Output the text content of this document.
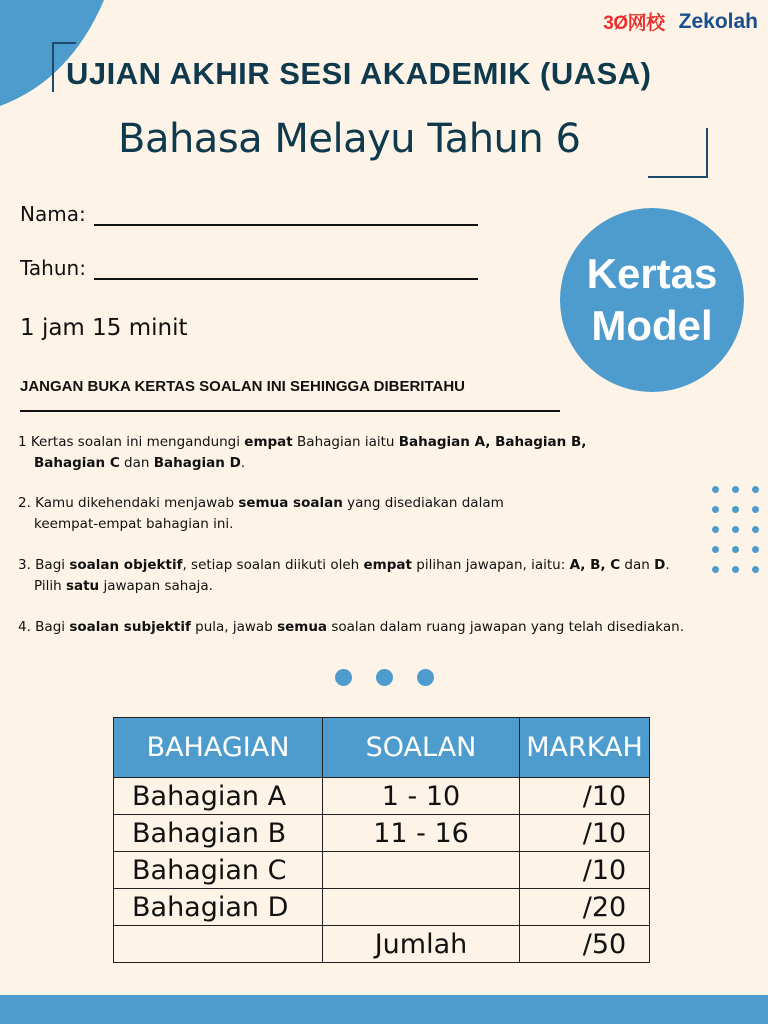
3Ø网校 Zekolah
UJIAN AKHIR SESI AKADEMIK (UASA)
Bahasa Melayu Tahun 6
Nama:
Tahun:
1 jam 15 minit
Kertas
Model
JANGAN BUKA KERTAS SOALAN INI SEHINGGA DIBERITAHU
1 Kertas soalan ini mengandungi empat Bahagian iaitu Bahagian A, Bahagian B,
Bahagian C dan Bahagian D.
2. Kamu dikehendaki menjawab semua soalan yang disediakan dalam
keempat-empat bahagian ini.
3. Bagi soalan objektif, setiap soalan diikuti oleh empat pilihan jawapan, iaitu: A, B, C dan D.
Pilih satu jawapan sahaja.
4. Bagi soalan subjektif pula, jawab semua soalan dalam ruang jawapan yang telah disediakan.
BAHAGIAN	SOALAN	MARKAH
Bahagian A	1 - 10	/10
Bahagian B	11 - 16	/10
Bahagian C		/10
Bahagian D		/20
	Jumlah	/50
